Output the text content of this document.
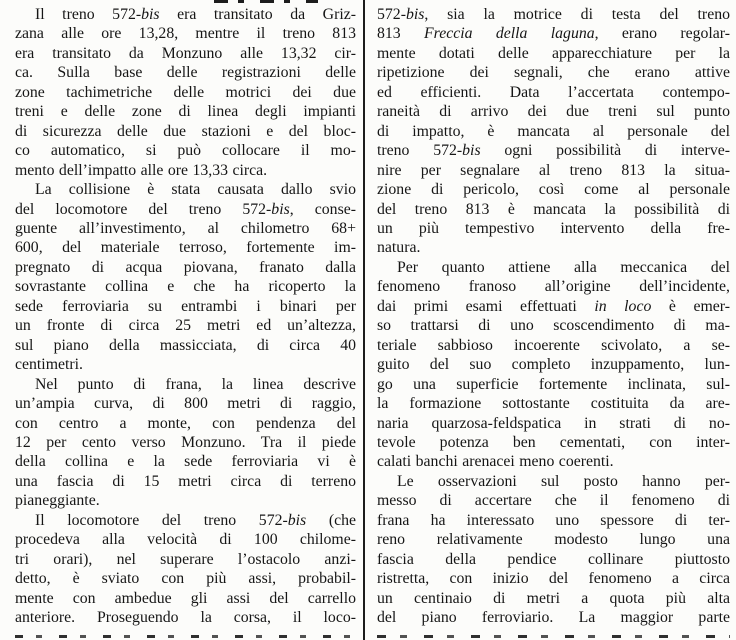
Il treno 572-bis era transitato da Griz-
zana alle ore 13,28, mentre il treno 813
era transitato da Monzuno alle 13,32 cir-
ca. Sulla base delle registrazioni delle
zone tachimetriche delle motrici dei due
treni e delle zone di linea degli impianti
di sicurezza delle due stazioni e del bloc-
co automatico, si può collocare il mo-
mento dell’impatto alle ore 13,33 circa.
La collisione è stata causata dallo svio
del locomotore del treno 572-bis, conse-
guente all’investimento, al chilometro 68+
600, del materiale terroso, fortemente im-
pregnato di acqua piovana, franato dalla
sovrastante collina e che ha ricoperto la
sede ferroviaria su entrambi i binari per
un fronte di circa 25 metri ed un’altezza,
sul piano della massicciata, di circa 40
centimetri.
Nel punto di frana, la linea descrive
un’ampia curva, di 800 metri di raggio,
con centro a monte, con pendenza del
12 per cento verso Monzuno. Tra il piede
della collina e la sede ferroviaria vi è
una fascia di 15 metri circa di terreno
pianeggiante.
Il locomotore del treno 572-bis (che
procedeva alla velocità di 100 chilome-
tri orari), nel superare l’ostacolo anzi-
detto, è sviato con più assi, probabil-
mente con ambedue gli assi del carrello
anteriore. Proseguendo la corsa, il loco-
572-bis, sia la motrice di testa del treno
813 Freccia della laguna, erano regolar-
mente dotati delle apparecchiature per la
ripetizione dei segnali, che erano attive
ed efficienti. Data l’accertata contempo-
raneità di arrivo dei due treni sul punto
di impatto, è mancata al personale del
treno 572-bis ogni possibilità di interve-
nire per segnalare al treno 813 la situa-
zione di pericolo, così come al personale
del treno 813 è mancata la possibilità di
un più tempestivo intervento della fre-
natura.
Per quanto attiene alla meccanica del
fenomeno franoso all’origine dell’incidente,
dai primi esami effettuati in loco è emer-
so trattarsi di uno scoscendimento di ma-
teriale sabbioso incoerente scivolato, a se-
guito del suo completo inzuppamento, lun-
go una superficie fortemente inclinata, sul-
la formazione sottostante costituita da are-
naria quarzosa-feldspatica in strati di no-
tevole potenza ben cementati, con inter-
calati banchi arenacei meno coerenti.
Le osservazioni sul posto hanno per-
messo di accertare che il fenomeno di
frana ha interessato uno spessore di ter-
reno relativamente modesto lungo una
fascia della pendice collinare piuttosto
ristretta, con inizio del fenomeno a circa
un centinaio di metri a quota più alta
del piano ferroviario. La maggior parte
